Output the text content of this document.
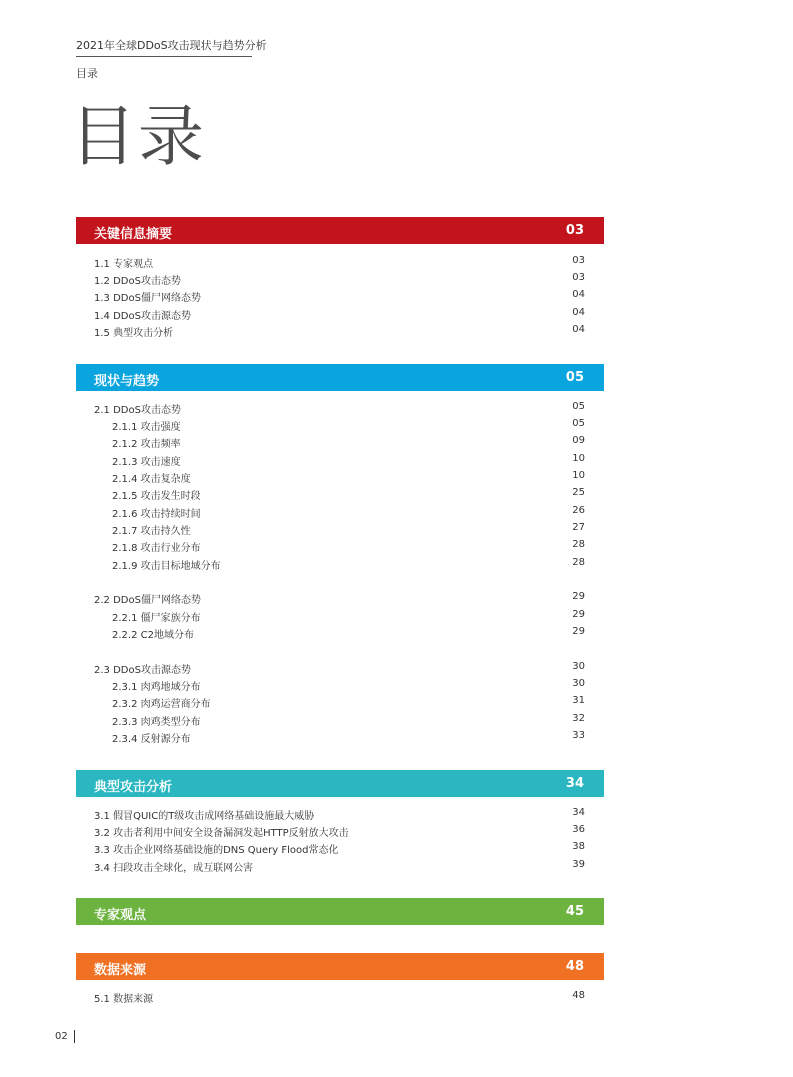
2021年全球DDoS攻击现状与趋势分析
目录
目录
关键信息摘要	03
1.1 专家观点	03
1.2 DDoS攻击态势	03
1.3 DDoS僵尸网络态势	04
1.4 DDoS攻击源态势	04
1.5 典型攻击分析	04
现状与趋势	05
2.1 DDoS攻击态势	05
2.1.1 攻击强度	05
2.1.2 攻击频率	09
2.1.3 攻击速度	10
2.1.4 攻击复杂度	10
2.1.5 攻击发生时段	25
2.1.6 攻击持续时间	26
2.1.7 攻击持久性	27
2.1.8 攻击行业分布	28
2.1.9 攻击目标地域分布	28
2.2 DDoS僵尸网络态势	29
2.2.1 僵尸家族分布	29
2.2.2 C2地域分布	29
2.3 DDoS攻击源态势	30
2.3.1 肉鸡地域分布	30
2.3.2 肉鸡运营商分布	31
2.3.3 肉鸡类型分布	32
2.3.4 反射源分布	33
典型攻击分析	34
3.1 假冒QUIC的T级攻击成网络基础设施最大威胁	34
3.2 攻击者利用中间安全设备漏洞发起HTTP反射放大攻击	36
3.3 攻击企业网络基础设施的DNS Query Flood常态化	38
3.4 扫段攻击全球化，成互联网公害	39
专家观点	45
数据来源	48
5.1 数据来源	48
02
